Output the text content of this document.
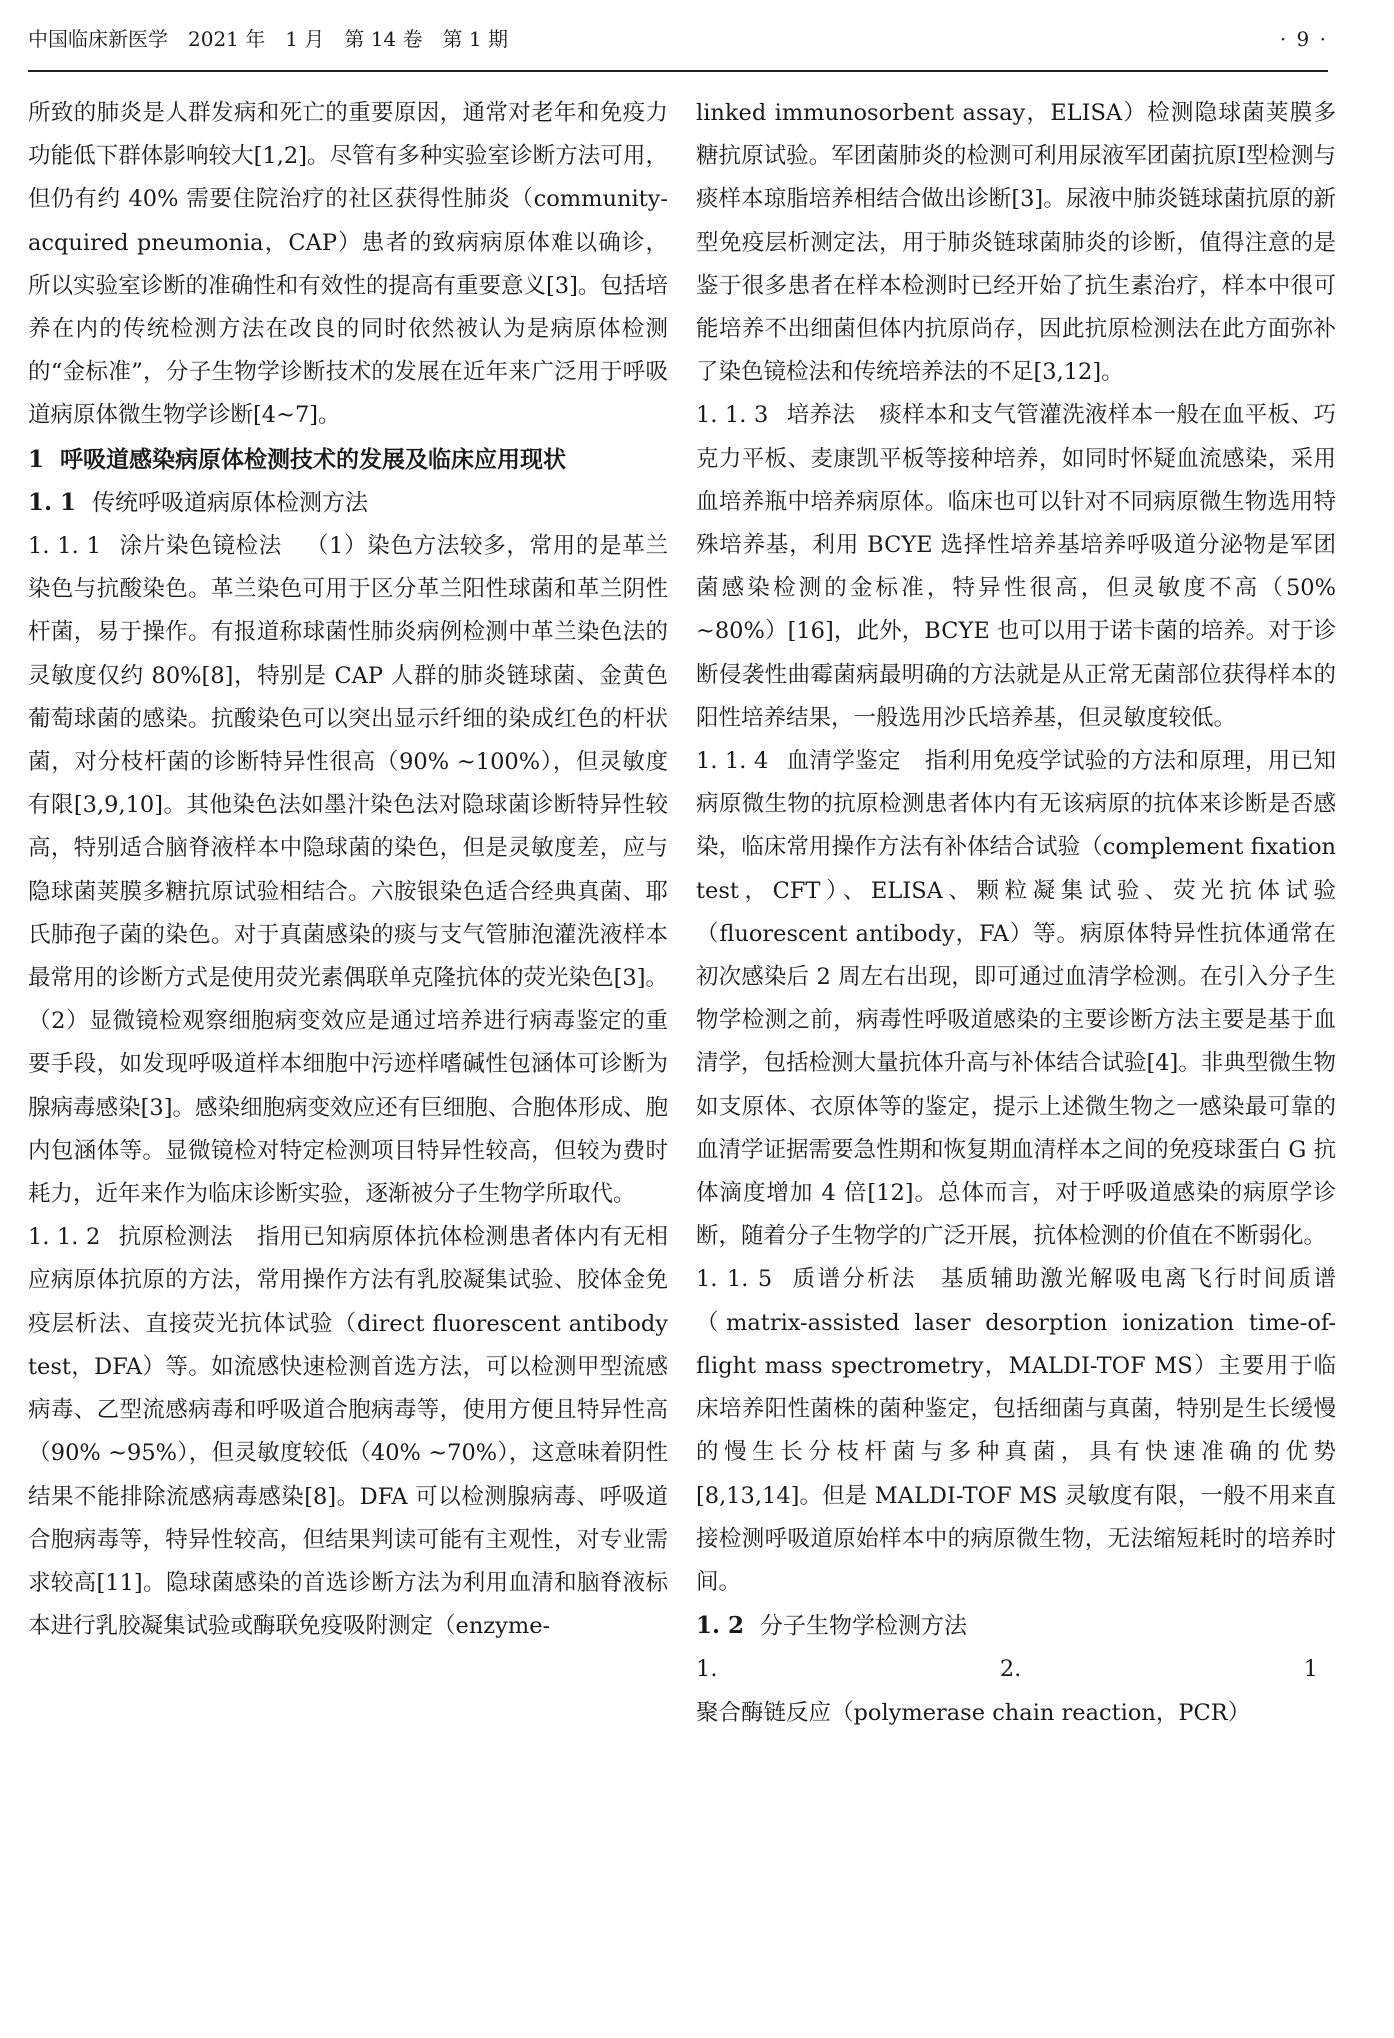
中国临床新医学　2021 年　1 月　第 14 卷　第 1 期	· 9 ·

所致的肺炎是人群发病和死亡的重要原因，通常对老年和免疫力功能低下群体影响较大[1,2]。尽管有多种实验室诊断方法可用，但仍有约 40% 需要住院治疗的社区获得性肺炎（community-acquired pneumonia，CAP）患者的致病病原体难以确诊，所以实验室诊断的准确性和有效性的提高有重要意义[3]。包括培养在内的传统检测方法在改良的同时依然被认为是病原体检测的“金标准”，分子生物学诊断技术的发展在近年来广泛用于呼吸道病原体微生物学诊断[4~7]。

1 呼吸道感染病原体检测技术的发展及临床应用现状
1. 1 传统呼吸道病原体检测方法

1. 1. 1 涂片染色镜检法 （1）染色方法较多，常用的是革兰染色与抗酸染色。革兰染色可用于区分革兰阳性球菌和革兰阴性杆菌，易于操作。有报道称球菌性肺炎病例检测中革兰染色法的灵敏度仅约 80%[8]，特别是 CAP 人群的肺炎链球菌、金黄色葡萄球菌的感染。抗酸染色可以突出显示纤细的染成红色的杆状菌，对分枝杆菌的诊断特异性很高（90% ~100%），但灵敏度有限[3,9,10]。其他染色法如墨汁染色法对隐球菌诊断特异性较高，特别适合脑脊液样本中隐球菌的染色，但是灵敏度差，应与隐球菌荚膜多糖抗原试验相结合。六胺银染色适合经典真菌、耶氏肺孢子菌的染色。对于真菌感染的痰与支气管肺泡灌洗液样本最常用的诊断方式是使用荧光素偶联单克隆抗体的荧光染色[3]。（2）显微镜检观察细胞病变效应是通过培养进行病毒鉴定的重要手段，如发现呼吸道样本细胞中污迹样嗜碱性包涵体可诊断为腺病毒感染[3]。感染细胞病变效应还有巨细胞、合胞体形成、胞内包涵体等。显微镜检对特定检测项目特异性较高，但较为费时耗力，近年来作为临床诊断实验，逐渐被分子生物学所取代。

1. 1. 2 抗原检测法 指用已知病原体抗体检测患者体内有无相应病原体抗原的方法，常用操作方法有乳胶凝集试验、胶体金免疫层析法、直接荧光抗体试验（direct fluorescent antibody test，DFA）等。如流感快速检测首选方法，可以检测甲型流感病毒、乙型流感病毒和呼吸道合胞病毒等，使用方便且特异性高（90% ~95%），但灵敏度较低（40% ~70%），这意味着阴性结果不能排除流感病毒感染[8]。DFA 可以检测腺病毒、呼吸道合胞病毒等，特异性较高，但结果判读可能有主观性，对专业需求较高[11]。隐球菌感染的首选诊断方法为利用血清和脑脊液标本进行乳胶凝集试验或酶联免疫吸附测定（enzyme-

linked immunosorbent assay，ELISA）检测隐球菌荚膜多糖抗原试验。军团菌肺炎的检测可利用尿液军团菌抗原Ⅰ型检测与痰样本琼脂培养相结合做出诊断[3]。尿液中肺炎链球菌抗原的新型免疫层析测定法，用于肺炎链球菌肺炎的诊断，值得注意的是鉴于很多患者在样本检测时已经开始了抗生素治疗，样本中很可能培养不出细菌但体内抗原尚存，因此抗原检测法在此方面弥补了染色镜检法和传统培养法的不足[3,12]。

1. 1. 3 培养法 痰样本和支气管灌洗液样本一般在血平板、巧克力平板、麦康凯平板等接种培养，如同时怀疑血流感染，采用血培养瓶中培养病原体。临床也可以针对不同病原微生物选用特殊培养基，利用 BCYE 选择性培养基培养呼吸道分泌物是军团菌感染检测的金标准，特异性很高，但灵敏度不高（50% ~80%）[16]，此外，BCYE 也可以用于诺卡菌的培养。对于诊断侵袭性曲霉菌病最明确的方法就是从正常无菌部位获得样本的阳性培养结果，一般选用沙氏培养基，但灵敏度较低。

1. 1. 4 血清学鉴定 指利用免疫学试验的方法和原理，用已知病原微生物的抗原检测患者体内有无该病原的抗体来诊断是否感染，临床常用操作方法有补体结合试验（complement fixation test，CFT）、ELISA、颗粒凝集试验、荧光抗体试验（fluorescent antibody，FA）等。病原体特异性抗体通常在初次感染后 2 周左右出现，即可通过血清学检测。在引入分子生物学检测之前，病毒性呼吸道感染的主要诊断方法主要是基于血清学，包括检测大量抗体升高与补体结合试验[4]。非典型微生物如支原体、衣原体等的鉴定，提示上述微生物之一感染最可靠的血清学证据需要急性期和恢复期血清样本之间的免疫球蛋白 G 抗体滴度增加 4 倍[12]。总体而言，对于呼吸道感染的病原学诊断，随着分子生物学的广泛开展，抗体检测的价值在不断弱化。

1. 1. 5 质谱分析法 基质辅助激光解吸电离飞行时间质谱（matrix-assisted laser desorption ionization time-of-flight mass spectrometry，MALDI-TOF MS）主要用于临床培养阳性菌株的菌种鉴定，包括细菌与真菌，特别是生长缓慢的慢生长分枝杆菌与多种真菌，具有快速准确的优势[8,13,14]。但是 MALDI-TOF MS 灵敏度有限，一般不用来直接检测呼吸道原始样本中的病原微生物，无法缩短耗时的培养时间。

1. 2 分子生物学检测方法

1. 2. 1聚合酶链反应（polymerase chain reaction，PCR）
